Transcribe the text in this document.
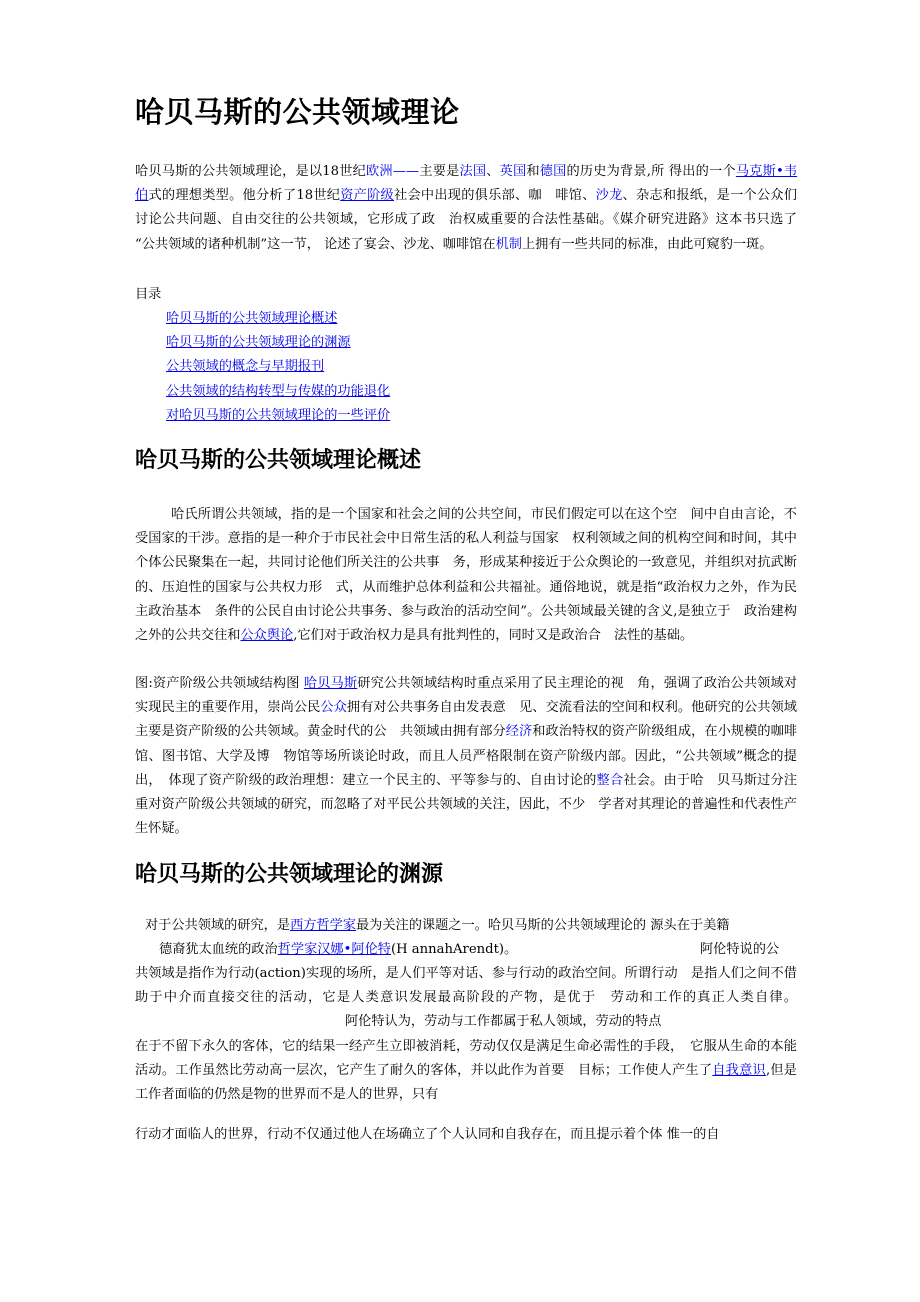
哈贝马斯的公共领域理论
哈贝马斯的公共领域理论，是以18世纪欧洲——主要是法国、英国和德国的历史为背景,所 得出的一个马克斯•韦伯式的理想类型。他分析了18世纪资产阶级社会中出现的俱乐部、咖　啡馆、沙龙、杂志和报纸，是一个公众们讨论公共问题、自由交往的公共领域，它形成了政　治权威重要的合法性基础。《媒介研究进路》这本书只选了 “公共领域的诸种机制”这一节， 论述了宴会、沙龙、咖啡馆在机制上拥有一些共同的标准，由此可窥豹一斑。
目录
哈贝马斯的公共领域理论概述
哈贝马斯的公共领域理论的渊源
公共领域的概念与早期报刊
公共领域的结构转型与传媒的功能退化
对哈贝马斯的公共领域理论的一些评价
哈贝马斯的公共领域理论概述
哈氏所谓公共领域，指的是一个国家和社会之间的公共空间，市民们假定可以在这个空　间中自由言论，不受国家的干涉。意指的是一种介于市民社会中日常生活的私人利益与国家　权利领域之间的机构空间和时间，其中个体公民聚集在一起，共同讨论他们所关注的公共事　务，形成某种接近于公众舆论的一致意见，并组织对抗武断的、压迫性的国家与公共权力形　式，从而维护总体利益和公共福祉。通俗地说，就是指“政治权力之外，作为民主政治基本　条件的公民自由讨论公共事务、参与政治的活动空间”。公共领域最关键的含义,是独立于　政治建构之外的公共交往和公众舆论,它们对于政治权力是具有批判性的，同时又是政治合　法性的基础。
图:资产阶级公共领域结构图 哈贝马斯研究公共领域结构时重点采用了民主理论的视　角，强调了政治公共领域对实现民主的重要作用，崇尚公民公众拥有对公共事务自由发表意　见、交流看法的空间和权利。他研究的公共领域主要是资产阶级的公共领域。黄金时代的公　共领域由拥有部分经济和政治特权的资产阶级组成，在小规模的咖啡馆、图书馆、大学及博　物馆等场所谈论时政，而且人员严格限制在资产阶级内部。因此，“公共领域”概念的提出，　体现了资产阶级的政治理想：建立一个民主的、平等参与的、自由讨论的整合社会。由于哈　贝马斯过分注重对资产阶级公共领域的研究，而忽略了对平民公共领域的关注，因此，不少　学者对其理论的普遍性和代表性产生怀疑。
哈贝马斯的公共领域理论的渊源
对于公共领域的研究，是西方哲学家最为关注的课题之一。哈贝马斯的公共领域理论的 源头在于美籍
德裔犹太血统的政治哲学家汉娜•阿伦特(H annahArendt)。	阿伦特说的公
共领域是指作为行动(action)实现的场所，是人们平等对话、参与行动的政治空间。所谓行动　是指人们之间不借助于中介而直接交往的活动，它是人类意识发展最高阶段的产物，是优于　劳动和工作的真正人类自律。阿伦特认为，劳动与工作都属于私人领域，劳动的特点
在于不留下永久的客体，它的结果一经产生立即被消耗，劳动仅仅是满足生命必需性的手段，　它服从生命的本能活动。工作虽然比劳动高一层次，它产生了耐久的客体，并以此作为首要　目标；工作使人产生了自我意识,但是工作者面临的仍然是物的世界而不是人的世界，只有
行动才面临人的世界，行动不仅通过他人在场确立了个人认同和自我存在，而且提示着个体 惟一的自
